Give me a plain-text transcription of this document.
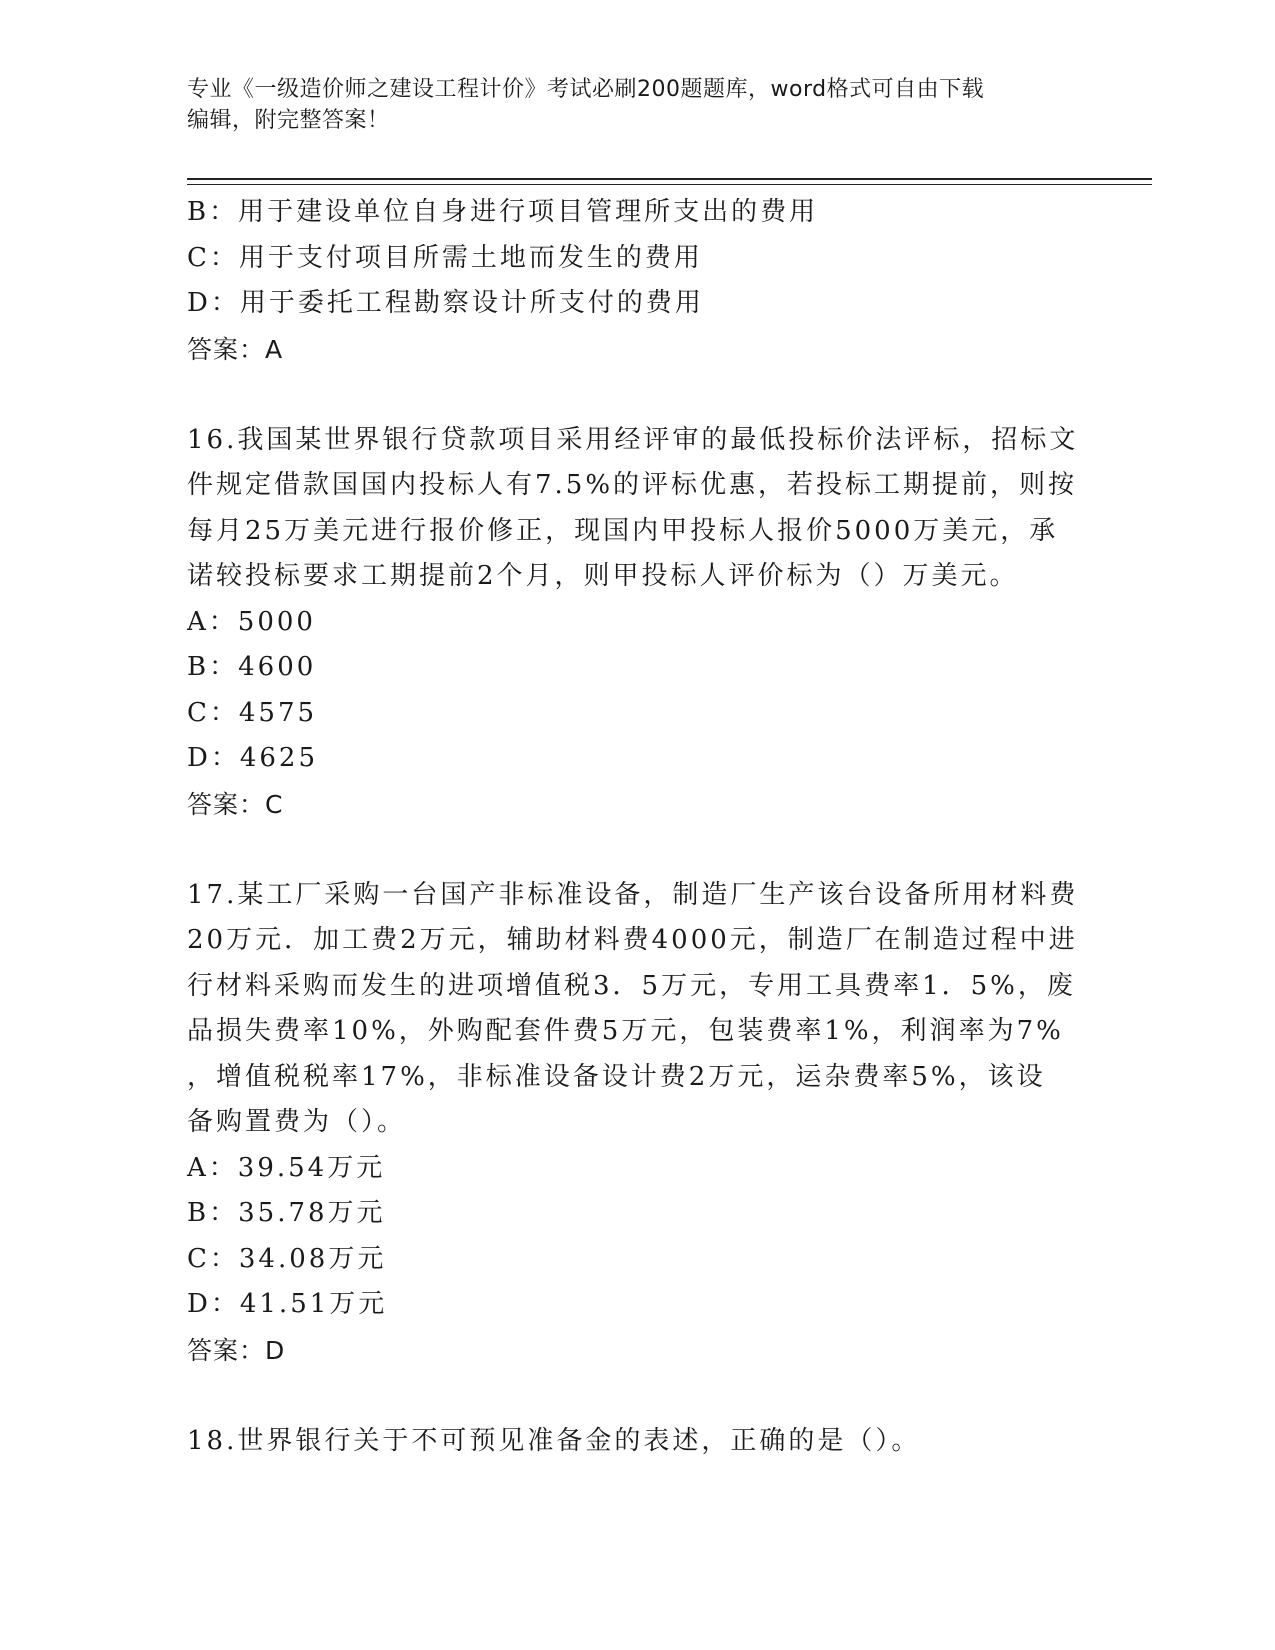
专业《一级造价师之建设工程计价》考试必刷200题题库，word格式可自由下载
编辑，附完整答案！
B：用于建设单位自身进行项目管理所支出的费用
C：用于支付项目所需土地而发生的费用
D：用于委托工程勘察设计所支付的费用
答案：A
16.我国某世界银行贷款项目采用经评审的最低投标价法评标，招标文
件规定借款国国内投标人有7.5%的评标优惠，若投标工期提前，则按
每月25万美元进行报价修正，现国内甲投标人报价5000万美元，承
诺较投标要求工期提前2个月，则甲投标人评价标为（）万美元。
A：5000
B：4600
C：4575
D：4625
答案：C
17.某工厂采购一台国产非标准设备，制造厂生产该台设备所用材料费
20万元．加工费2万元，辅助材料费4000元，制造厂在制造过程中进
行材料采购而发生的进项增值税3．5万元，专用工具费率1．5%，废
品损失费率10%，外购配套件费5万元，包装费率1%，利润率为7%
，增值税税率17%，非标准设备设计费2万元，运杂费率5%，该设
备购置费为（）。
A：39.54万元
B：35.78万元
C：34.08万元
D：41.51万元
答案：D
18.世界银行关于不可预见准备金的表述，正确的是（）。
